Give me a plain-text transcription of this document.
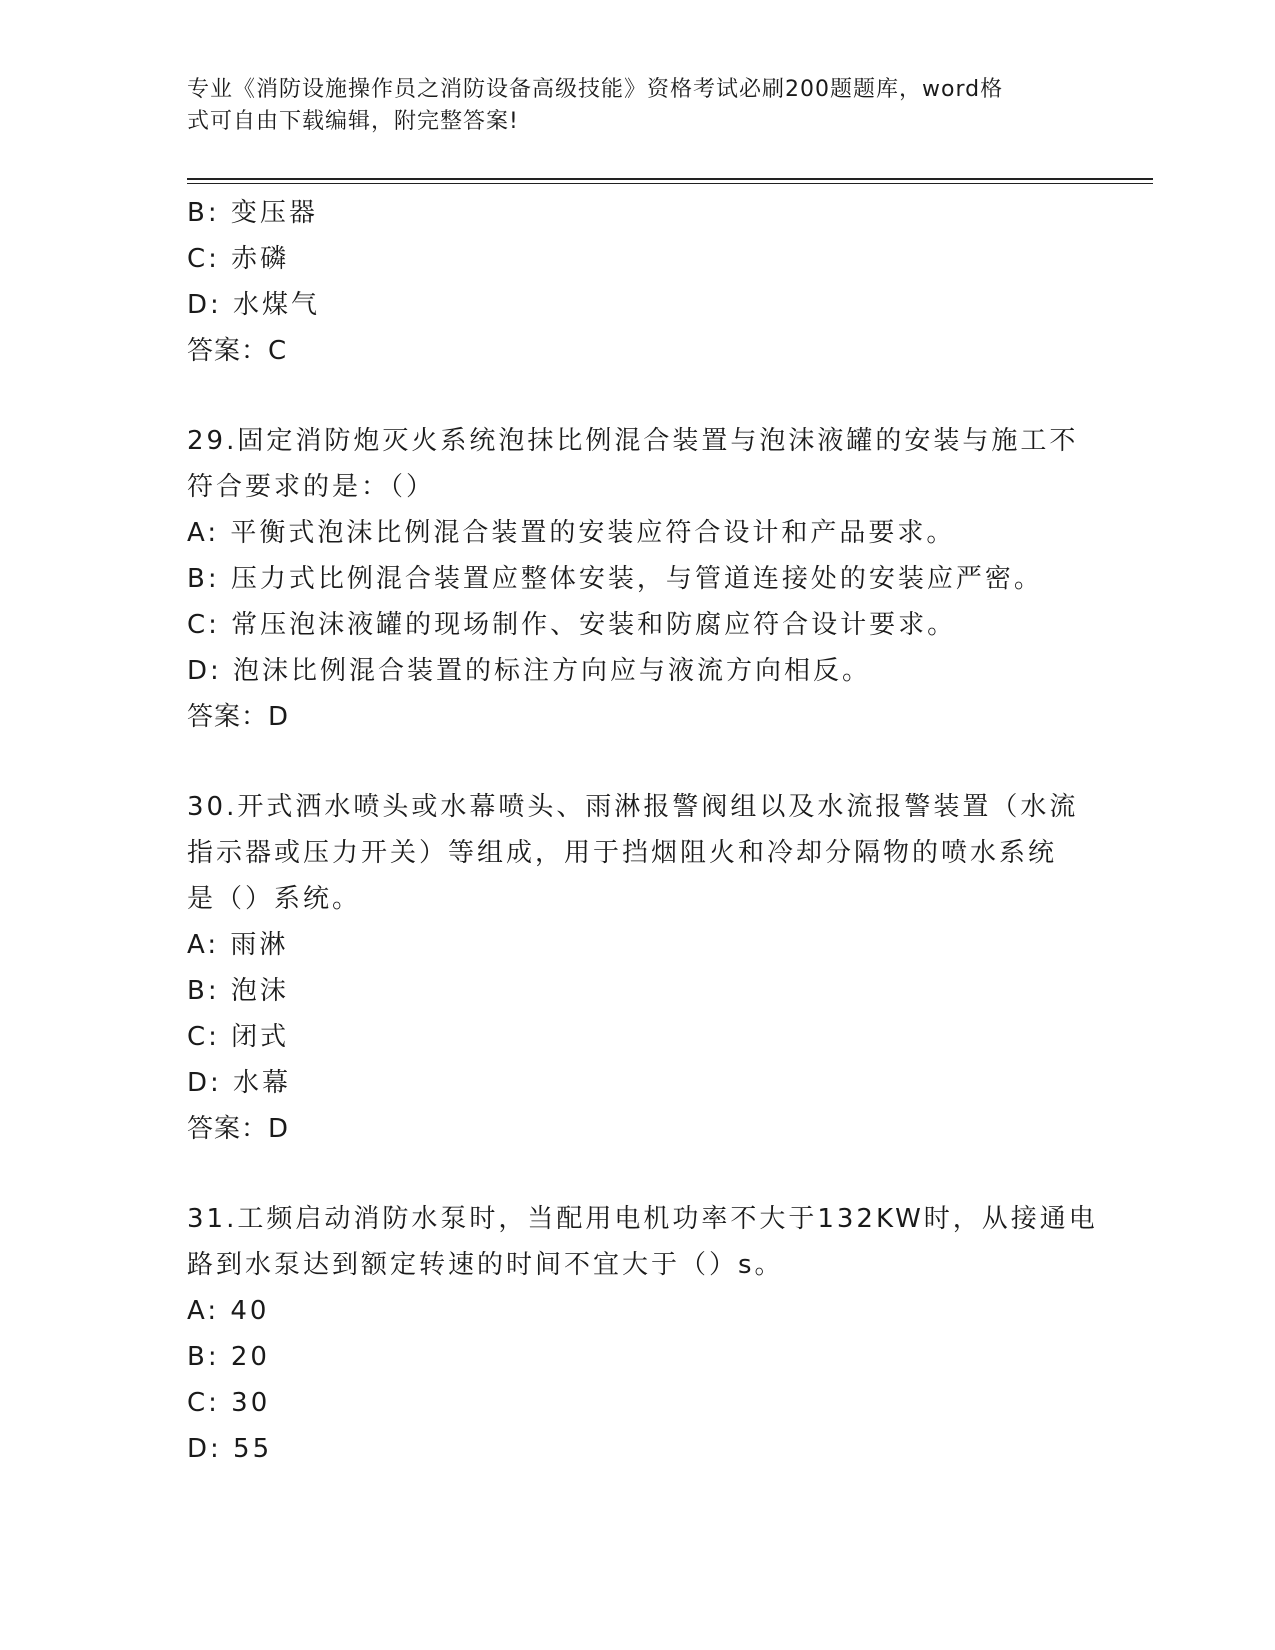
专业《消防设施操作员之消防设备高级技能》资格考试必刷200题题库，word格
式可自由下载编辑，附完整答案!
B: 变压器
C: 赤磷
D: 水煤气
答案：C
29.固定消防炮灭火系统泡抹比例混合装置与泡沫液罐的安装与施工不
符合要求的是：（）
A: 平衡式泡沫比例混合装置的安装应符合设计和产品要求。
B: 压力式比例混合装置应整体安装，与管道连接处的安装应严密。
C: 常压泡沫液罐的现场制作、安装和防腐应符合设计要求。
D: 泡沫比例混合装置的标注方向应与液流方向相反。
答案：D
30.开式洒水喷头或水幕喷头、雨淋报警阀组以及水流报警装置（水流
指示器或压力开关）等组成，用于挡烟阻火和冷却分隔物的喷水系统
是（）系统。
A: 雨淋
B: 泡沫
C: 闭式
D: 水幕
答案：D
31.工频启动消防水泵时，当配用电机功率不大于132KW时，从接通电
路到水泵达到额定转速的时间不宜大于（）s。
A: 40
B: 20
C: 30
D: 55
